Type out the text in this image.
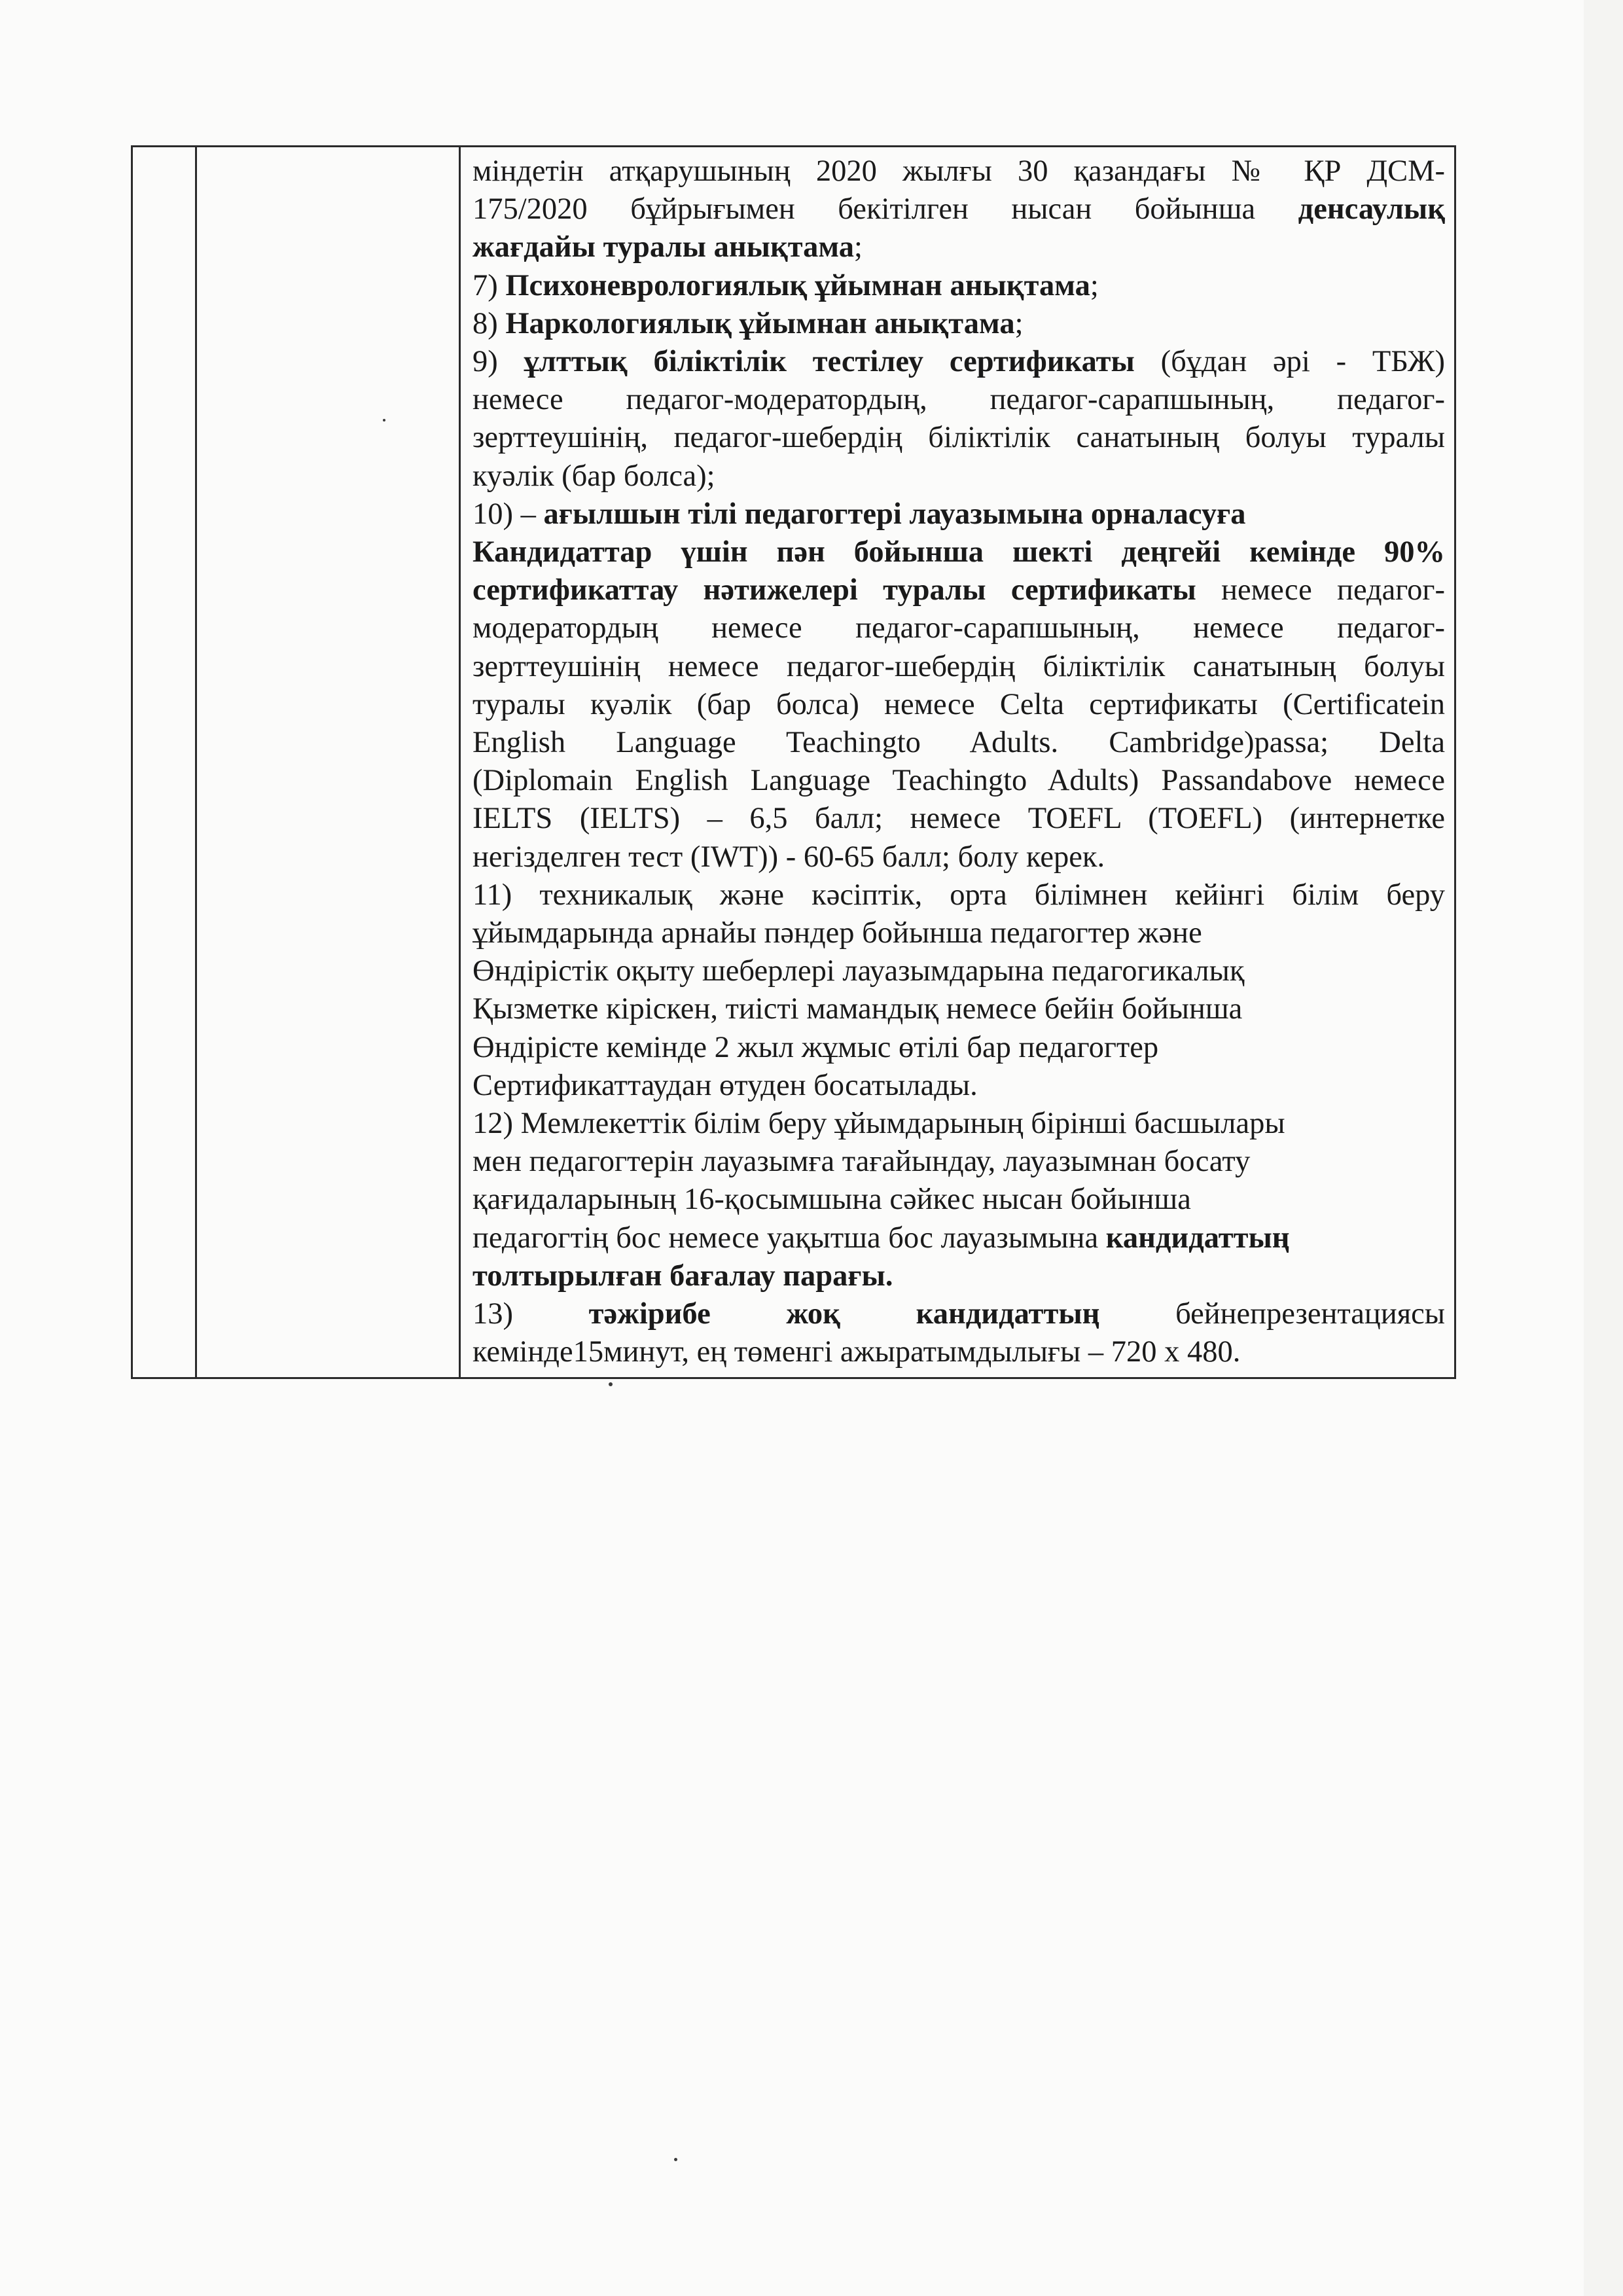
міндетін атқарушының 2020 жылғы 30 қазандағы № ҚР ДСМ-
175/2020 бұйрығымен бекітілген нысан бойынша денсаулық
жағдайы туралы анықтама;
7) Психоневрологиялық ұйымнан анықтама;
8) Наркологиялық ұйымнан анықтама;
9) ұлттық біліктілік тестілеу сертификаты (бұдан әрі - ТБЖ)
немесе педагог-модератордың, педагог-сарапшының, педагог-
зерттеушінің, педагог-шебердің біліктілік санатының болуы туралы
куәлік (бар болса);
10) – ағылшын тілі педагогтері лауазымына орналасуға
Кандидаттар үшін пән бойынша шекті деңгейі кемінде 90%
сертификаттау нәтижелері туралы сертификаты немесе педагог-
модератордың немесе педагог-сарапшының, немесе педагог-
зерттеушінің немесе педагог-шебердің біліктілік санатының болуы
туралы куәлік (бар болса) немесе Celta сертификаты (Certificatein
English Language Teachingto Adults. Cambridge)passa; Delta
(Diplomain English Language Teachingto Adults) Passandabove немесе
IELTS (IELTS) – 6,5 балл; немесе TOEFL (TOEFL) (интернетке
негізделген тест (IWT)) - 60-65 балл; болу керек.
11) техникалық және кәсіптік, орта білімнен кейінгі білім беру
ұйымдарында арнайы пәндер бойынша педагогтер және
Өндірістік оқыту шеберлері лауазымдарына педагогикалық
Қызметке кіріскен, тиісті мамандық немесе бейін бойынша
Өндірісте кемінде 2 жыл жұмыс өтілі бар педагогтер
Сертификаттаудан өтуден босатылады.
12) Мемлекеттік білім беру ұйымдарының бірінші басшылары
мен педагогтерін лауазымға тағайындау, лауазымнан босату
қағидаларының 16-қосымшына сәйкес нысан бойынша
педагогтің бос немесе уақытша бос лауазымына кандидаттың
толтырылған бағалау парағы.
13) тәжірибе жоқ кандидаттың бейнепрезентациясы
кемінде15минут, ең төменгі ажыратымдылығы – 720 х 480.
